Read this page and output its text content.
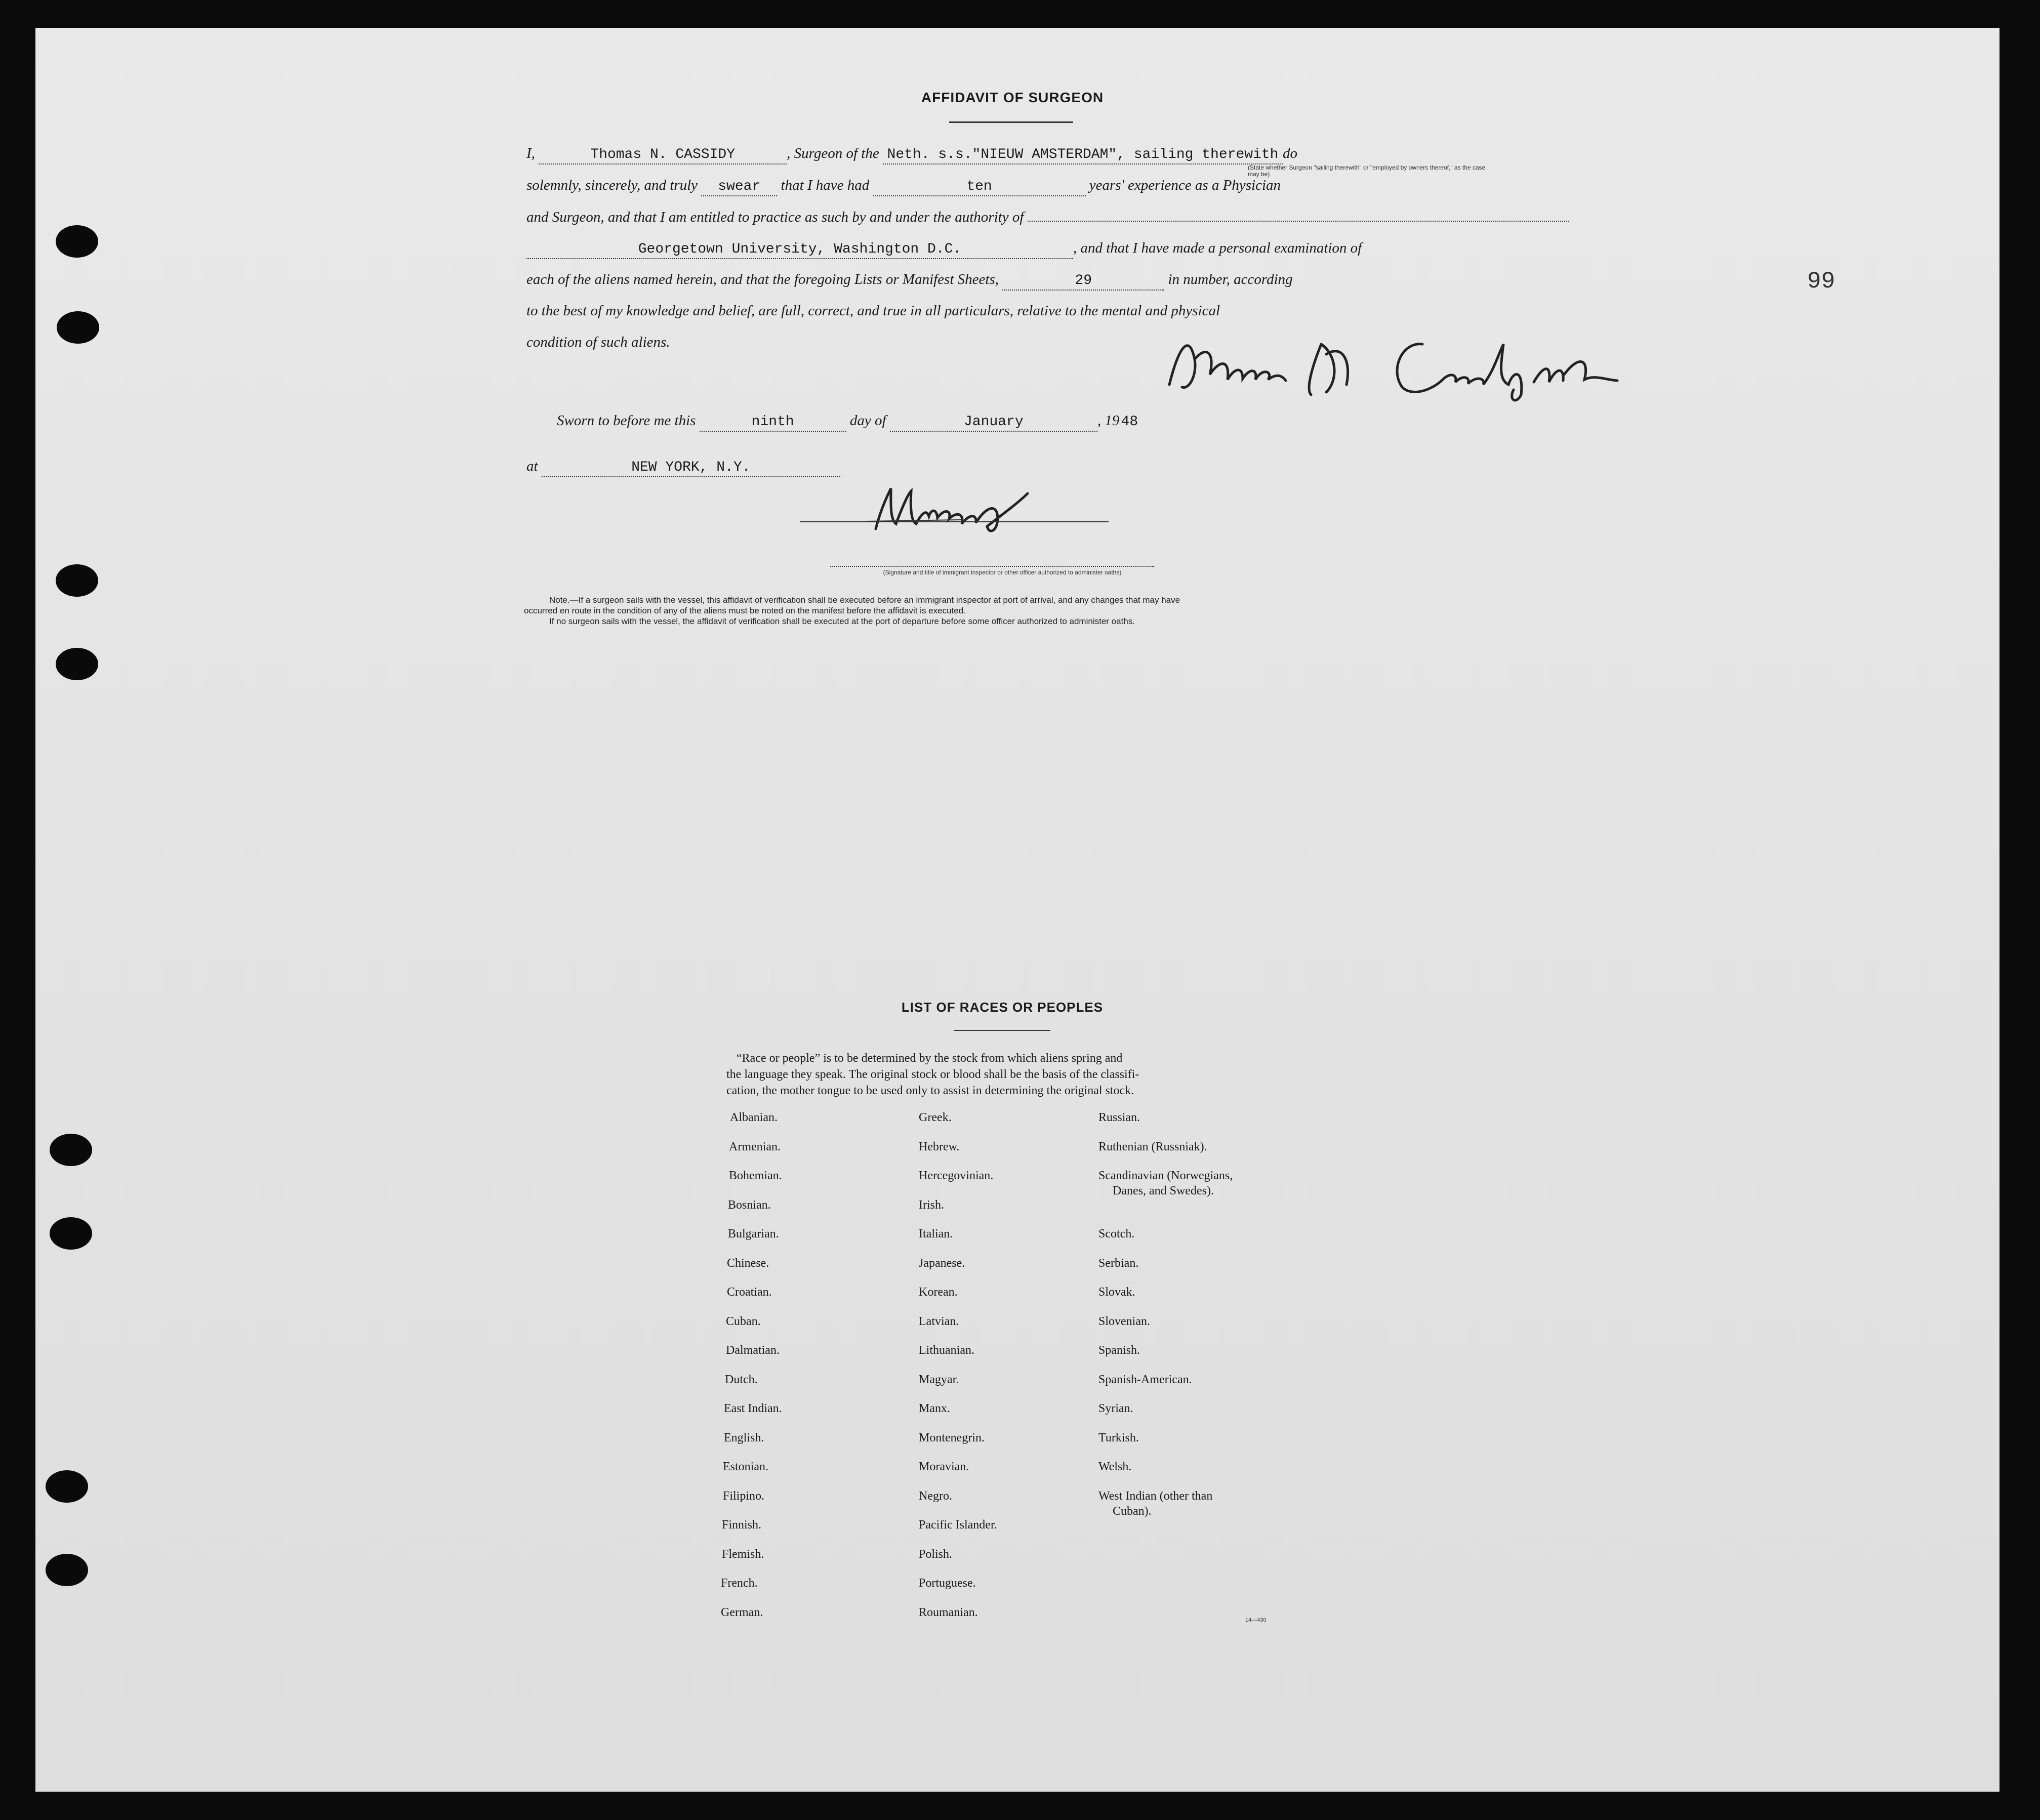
99
AFFIDAVIT OF SURGEON
I,	Thomas N. CASSIDY	, Surgeon of the Neth. s.s."NIEUW AMSTERDAM", sailing therewith do
(State whether Surgeon "sailing therewith" or "employed by owners thereof," as the case may be)
solemnly, sincerely, and truly swear that I have had	ten	years' experience as a Physician
and Surgeon, and that I am entitled to practice as such by and under the authority of
Georgetown University, Washington D.C.	, and that I have made a personal examination of
each of the aliens named herein, and that the foregoing Lists or Manifest Sheets,	29	in number, according
to the best of my knowledge and belief, are full, correct, and true in all particulars, relative to the mental and physical
condition of such aliens.
Sworn to before me this	ninth	day of	January	, 19 48
at	NEW YORK, N.Y.
(Signature and title of immigrant inspector or other officer authorized to administer oaths)
Note.—If a surgeon sails with the vessel, this affidavit of verification shall be executed before an immigrant inspector at port of arrival, and any changes that may have
occurred en route in the condition of any of the aliens must be noted on the manifest before the affidavit is executed.
If no surgeon sails with the vessel, the affidavit of verification shall be executed at the port of departure before some officer authorized to administer oaths.
LIST OF RACES OR PEOPLES
“Race or people” is to be determined by the stock from which aliens spring and
the language they speak. The original stock or blood shall be the basis of the classifi-
cation, the mother tongue to be used only to assist in determining the original stock.
Albanian.
Armenian.
Bohemian.
Bosnian.
Bulgarian.
Chinese.
Croatian.
Cuban.
Dalmatian.
Dutch.
East Indian.
English.
Estonian.
Filipino.
Finnish.
Flemish.
French.
German.
Greek.
Hebrew.
Hercegovinian.
Irish.
Italian.
Japanese.
Korean.
Latvian.
Lithuanian.
Magyar.
Manx.
Montenegrin.
Moravian.
Negro.
Pacific Islander.
Polish.
Portuguese.
Roumanian.
Russian.
Ruthenian (Russniak).
Scandinavian (Norwegians,
Danes, and Swedes).
Scotch.
Serbian.
Slovak.
Slovenian.
Spanish.
Spanish-American.
Syrian.
Turkish.
Welsh.
West Indian (other than
Cuban).
14—430
